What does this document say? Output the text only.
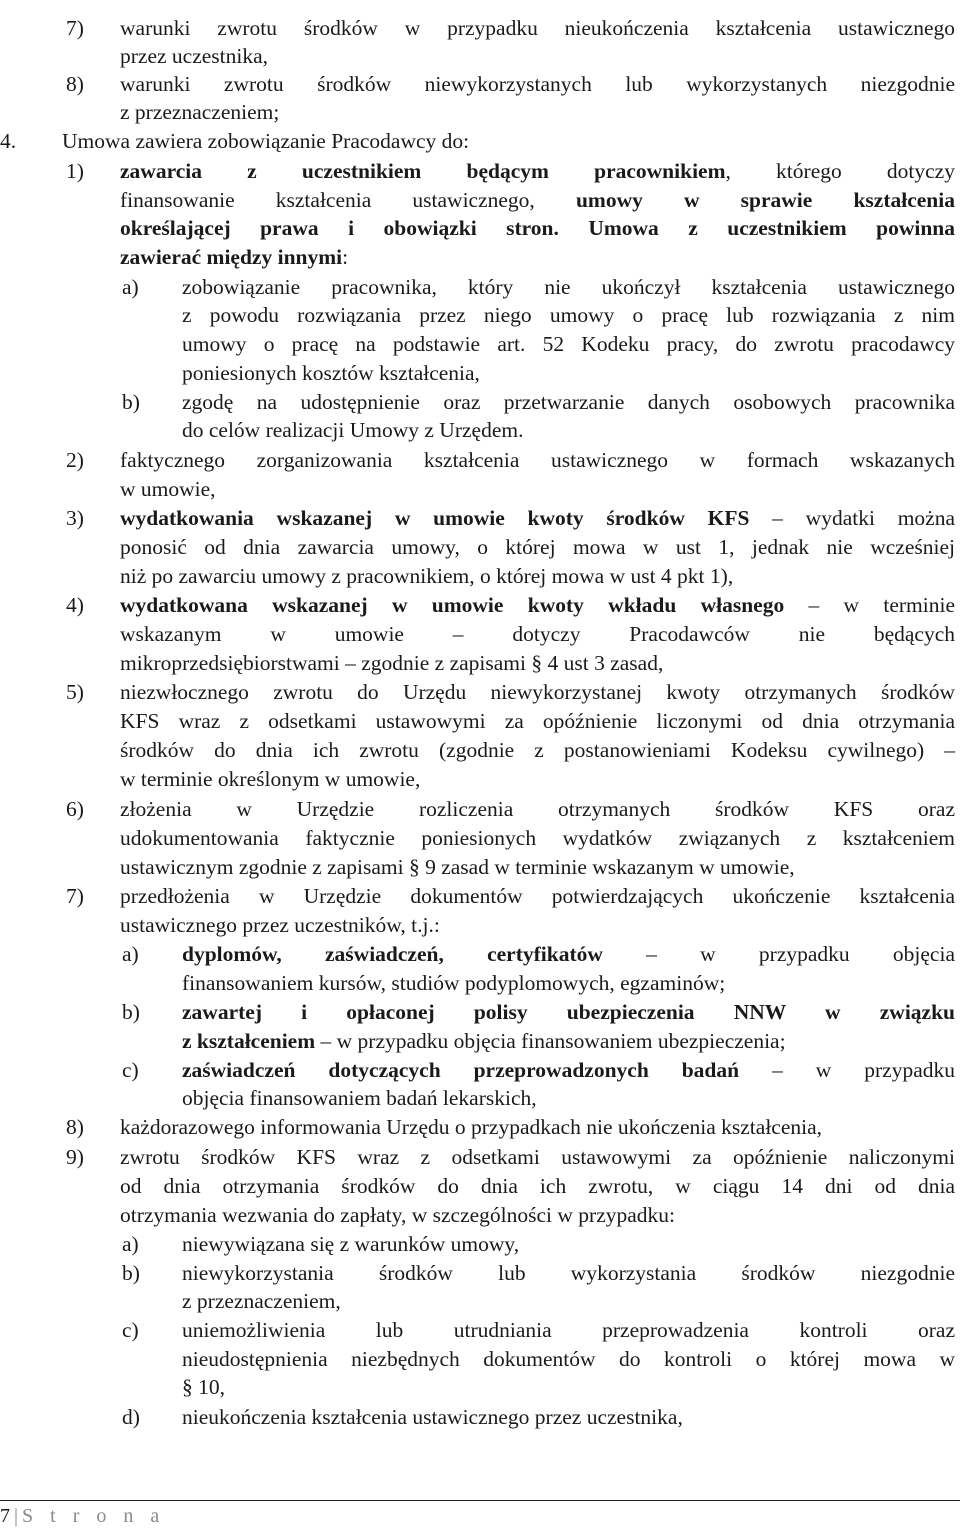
7) warunki zwrotu środków w przypadku nieukończenia kształcenia ustawicznego
przez uczestnika,
8) warunki zwrotu środków niewykorzystanych lub wykorzystanych niezgodnie
z przeznaczeniem;
4. Umowa zawiera zobowiązanie Pracodawcy do:
1) zawarcia z uczestnikiem będącym pracownikiem, którego dotyczy
finansowanie kształcenia ustawicznego, umowy w sprawie kształcenia
określającej prawa i obowiązki stron. Umowa z uczestnikiem powinna
zawierać między innymi:
a) zobowiązanie pracownika, który nie ukończył kształcenia ustawicznego
z powodu rozwiązania przez niego umowy o pracę lub rozwiązania z nim
umowy o pracę na podstawie art. 52 Kodeku pracy, do zwrotu pracodawcy
poniesionych kosztów kształcenia,
b) zgodę na udostępnienie oraz przetwarzanie danych osobowych pracownika
do celów realizacji Umowy z Urzędem.
2) faktycznego zorganizowania kształcenia ustawicznego w formach wskazanych
w umowie,
3) wydatkowania wskazanej w umowie kwoty środków KFS – wydatki można
ponosić od dnia zawarcia umowy, o której mowa w ust 1, jednak nie wcześniej
niż po zawarciu umowy z pracownikiem, o której mowa w ust 4 pkt 1),
4) wydatkowana wskazanej w umowie kwoty wkładu własnego – w terminie
wskazanym w umowie – dotyczy Pracodawców nie będących
mikroprzedsiębiorstwami – zgodnie z zapisami § 4 ust 3 zasad,
5) niezwłocznego zwrotu do Urzędu niewykorzystanej kwoty otrzymanych środków
KFS wraz z odsetkami ustawowymi za opóźnienie liczonymi od dnia otrzymania
środków do dnia ich zwrotu (zgodnie z postanowieniami Kodeksu cywilnego) –
w terminie określonym w umowie,
6) złożenia w Urzędzie rozliczenia otrzymanych środków KFS oraz
udokumentowania faktycznie poniesionych wydatków związanych z kształceniem
ustawicznym zgodnie z zapisami § 9 zasad w terminie wskazanym w umowie,
7) przedłożenia w Urzędzie dokumentów potwierdzających ukończenie kształcenia
ustawicznego przez uczestników, t.j.:
a) dyplomów, zaświadczeń, certyfikatów – w przypadku objęcia
finansowaniem kursów, studiów podyplomowych, egzaminów;
b) zawartej i opłaconej polisy ubezpieczenia NNW w związku
z kształceniem – w przypadku objęcia finansowaniem ubezpieczenia;
c) zaświadczeń dotyczących przeprowadzonych badań – w przypadku
objęcia finansowaniem badań lekarskich,
8) każdorazowego informowania Urzędu o przypadkach nie ukończenia kształcenia,
9) zwrotu środków KFS wraz z odsetkami ustawowymi za opóźnienie naliczonymi
od dnia otrzymania środków do dnia ich zwrotu, w ciągu 14 dni od dnia
otrzymania wezwania do zapłaty, w szczególności w przypadku:
a) niewywiązana się z warunków umowy,
b) niewykorzystania środków lub wykorzystania środków niezgodnie
z przeznaczeniem,
c) uniemożliwienia lub utrudniania przeprowadzenia kontroli oraz
nieudostępnienia niezbędnych dokumentów do kontroli o której mowa w
§ 10,
d) nieukończenia kształcenia ustawicznego przez uczestnika,
7 | S t r o n a
